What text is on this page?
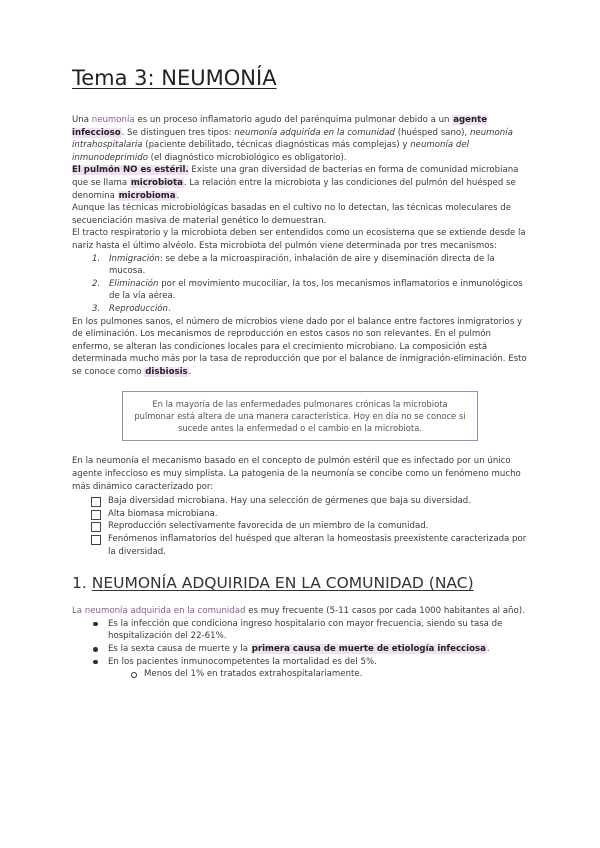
Tema 3: NEUMONÍA

Una neumonía es un proceso inflamatorio agudo del parénquima pulmonar debido a un agente infeccioso. Se distinguen tres tipos: neumonía adquirida en la comunidad (huésped sano), neumonía intrahospitalaria (paciente debilitado, técnicas diagnósticas más complejas) y neumonía del inmunodeprimido (el diagnóstico microbiológico es obligatorio).

El pulmón NO es estéril. Existe una gran diversidad de bacterias en forma de comunidad microbiana que se llama microbiota. La relación entre la microbiota y las condiciones del pulmón del huésped se denomina microbioma.

Aunque las técnicas microbiológicas basadas en el cultivo no lo detectan, las técnicas moleculares de secuenciación masiva de material genético lo demuestran.

El tracto respiratorio y la microbiota deben ser entendidos como un ecosistema que se extiende desde la nariz hasta el último alvéolo. Esta microbiota del pulmón viene determinada por tres mecanismos:

1. Inmigración: se debe a la microaspiración, inhalación de aire y diseminación directa de la mucosa.
2. Eliminación por el movimiento mucociliar, la tos, los mecanismos inflamatorios e inmunológicos de la vía aérea.
3. Reproducción.

En los pulmones sanos, el número de microbios viene dado por el balance entre factores inmigratorios y de eliminación. Los mecanismos de reproducción en estos casos no son relevantes. En el pulmón enfermo, se alteran las condiciones locales para el crecimiento microbiano. La composición está determinada mucho más por la tasa de reproducción que por el balance de inmigración-eliminación. Esto se conoce como disbiosis.

En la mayoría de las enfermedades pulmonares crónicas la microbiota pulmonar está altera de una manera característica. Hoy en día no se conoce si sucede antes la enfermedad o el cambio en la microbiota.

En la neumonía el mecanismo basado en el concepto de pulmón estéril que es infectado por un único agente infeccioso es muy simplista. La patogenia de la neumonía se concibe como un fenómeno mucho más dinámico caracterizado por:

Baja diversidad microbiana. Hay una selección de gérmenes que baja su diversidad.
Alta biomasa microbiana.
Reproducción selectivamente favorecida de un miembro de la comunidad.
Fenómenos inflamatorios del huésped que alteran la homeostasis preexistente caracterizada por la diversidad.
1. NEUMONÍA ADQUIRIDA EN LA COMUNIDAD (NAC)

La neumonía adquirida en la comunidad es muy frecuente (5-11 casos por cada 1000 habitantes al año).

Es la infección que condiciona ingreso hospitalario con mayor frecuencia, siendo su tasa de hospitalización del 22-61%.
Es la sexta causa de muerte y la primera causa de muerte de etiología infecciosa.
En los pacientes inmunocompetentes la mortalidad es del 5%.
Menos del 1% en tratados extrahospitalariamente.
